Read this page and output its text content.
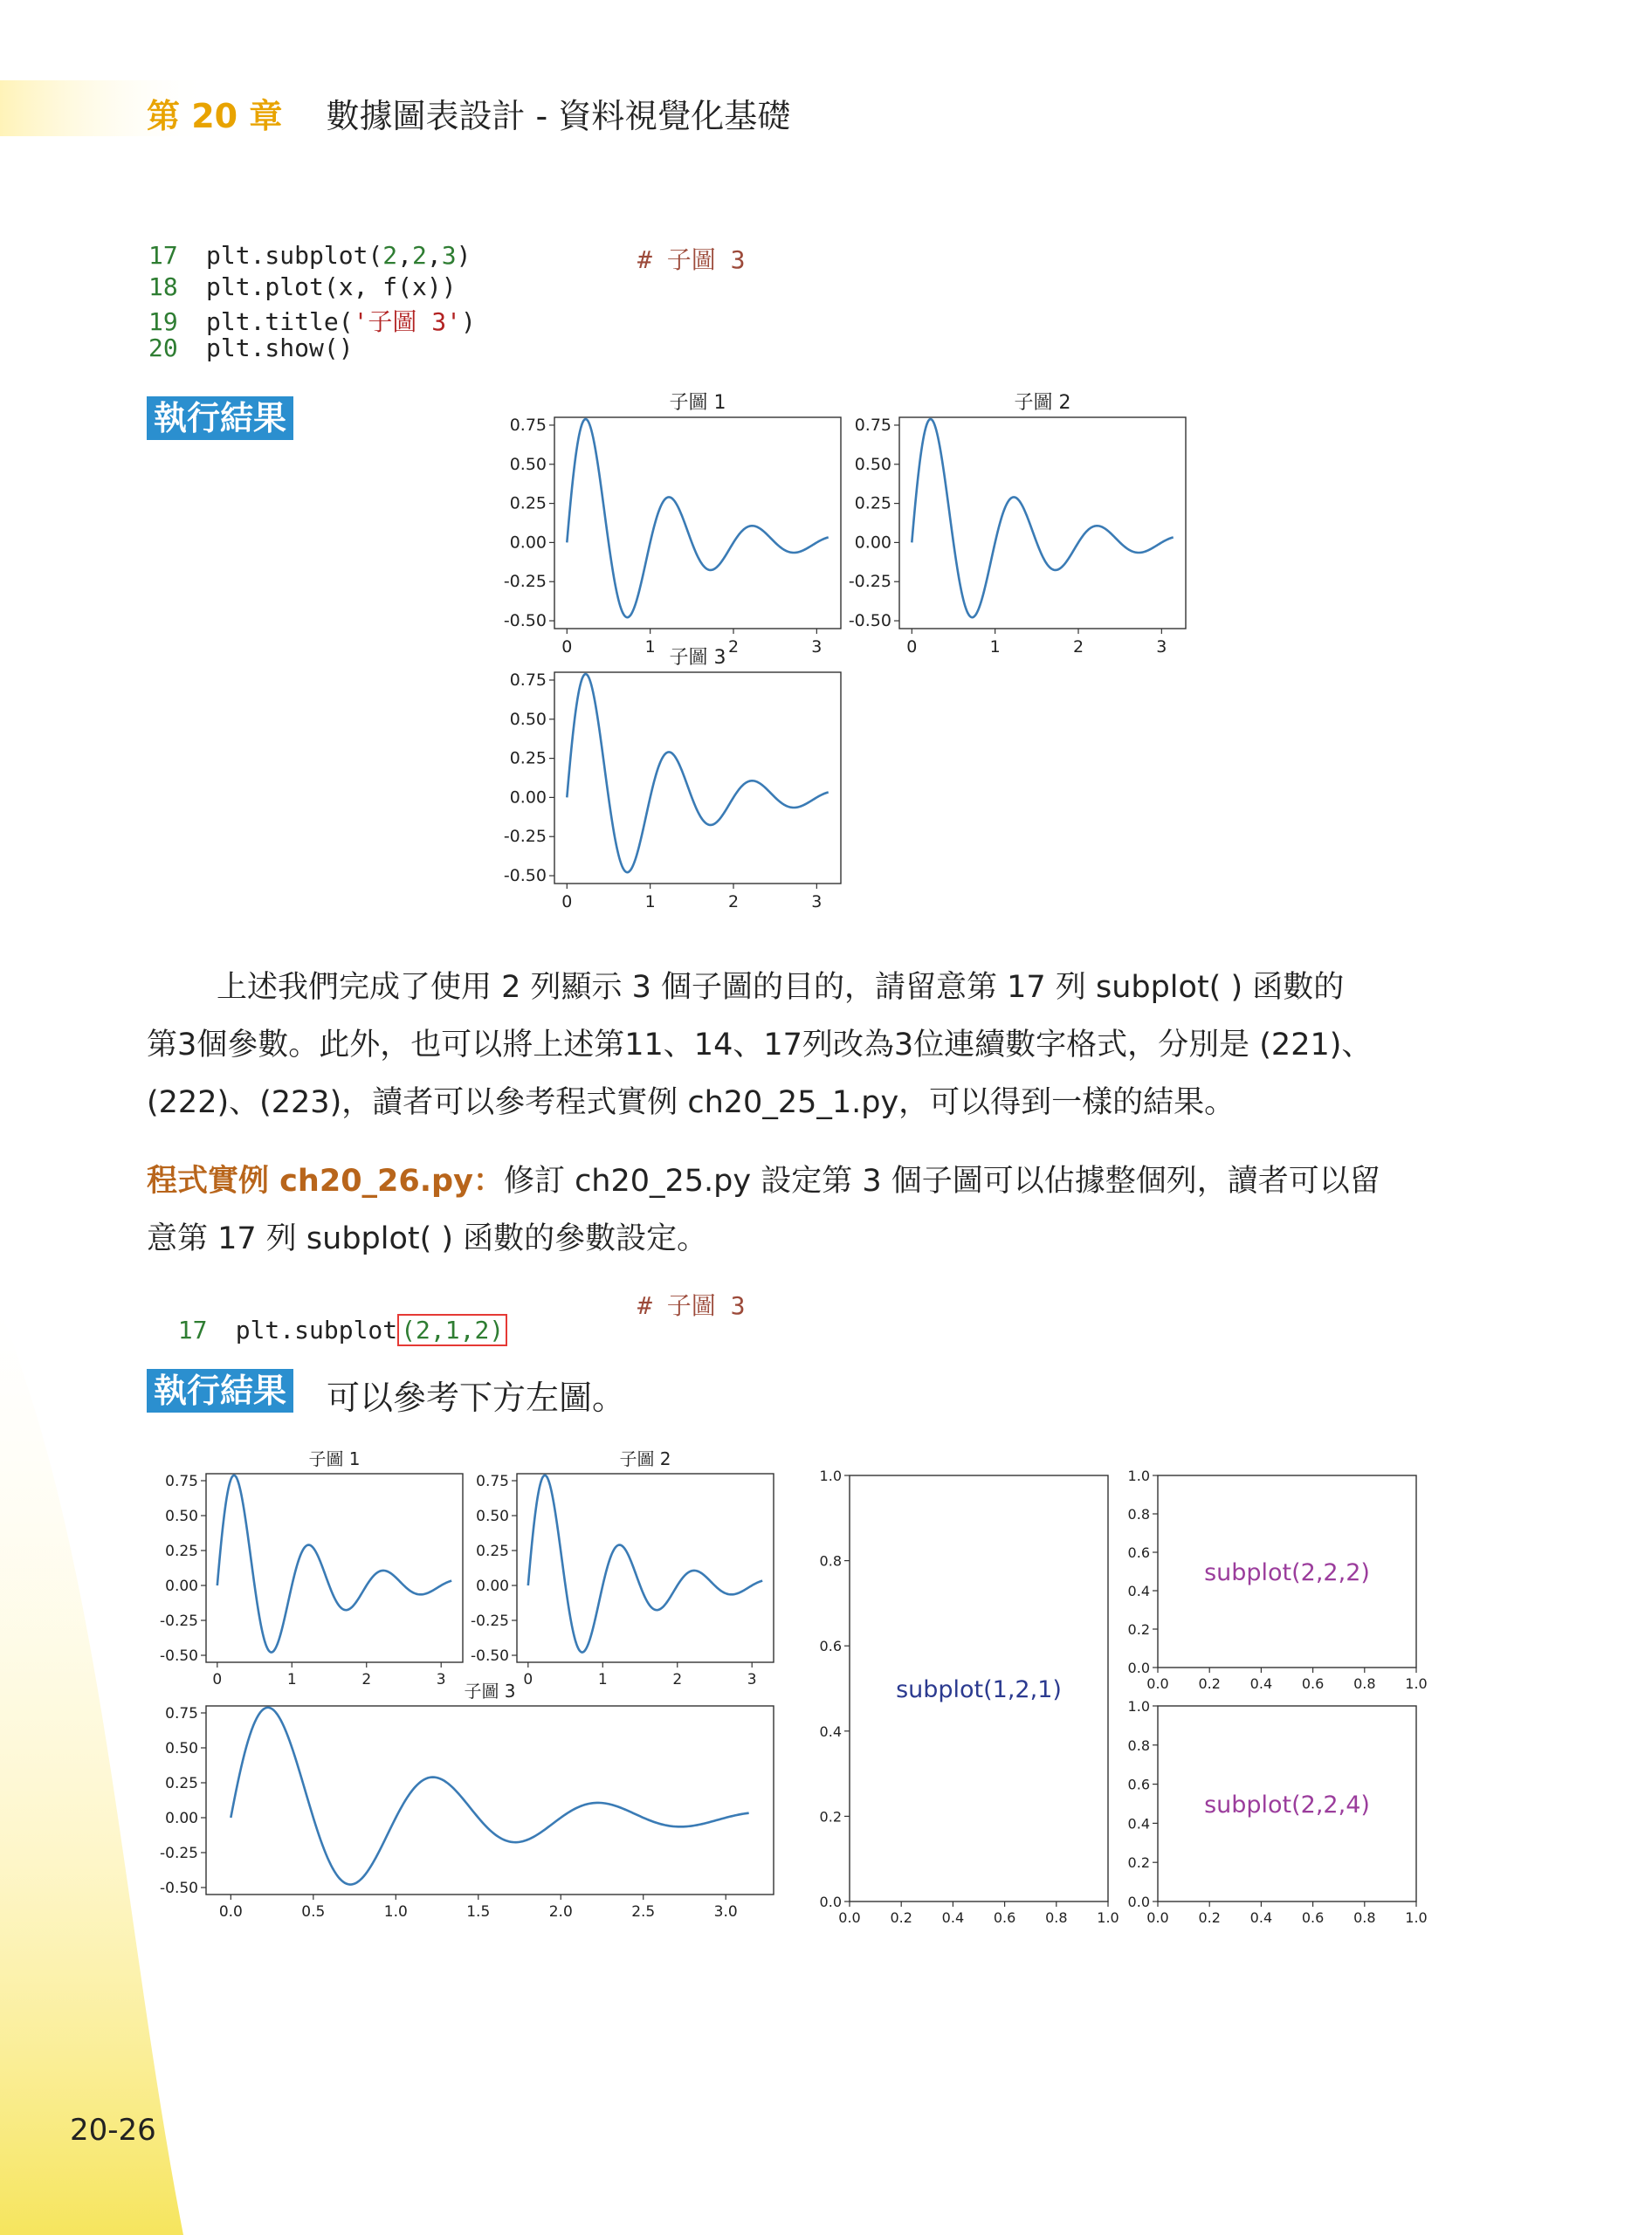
第 20 章 數據圖表設計 - 資料視覺化基礎
17 plt.subplot(2,2,3)	# 子圖 3
18 plt.plot(x, f(x))
19 plt.title('子圖 3')
20 plt.show()
執行結果	0.75
0.50
0.25
0.00
-0.25
-0.50
0	1	2	3
子圖 1
0.75
0.50
0.25
0.00
-0.25
-0.50
0	1	2	3
子圖 2
0.75
0.50
0.25
0.00
-0.25
-0.50
0	1	2	3
子圖 3
上述我們完成了使用 2 列顯示 3 個子圖的目的，請留意第 17 列 subplot( ) 函數的
第3個參數。此外，也可以將上述第11、14、17列改為3位連續數字格式，分別是 (221)、
(222)、(223)，讀者可以參考程式實例 ch20_25_1.py，可以得到一樣的結果。
程式實例 ch20_26.py：修訂 ch20_25.py 設定第 3 個子圖可以佔據整個列，讀者可以留
意第 17 列 subplot( ) 函數的參數設定。

17 plt.subplot (2,1,2)
# 子圖 3

執行結果 可以參考下方左圖。
0.75
0.50
0.25
0.00
-0.25
-0.50
0	1	2	3
子圖 1
0.75
0.50
0.25
0.00
-0.25
-0.50
0	1	2	3
子圖 2
0.75
0.50
0.25
0.00
-0.25
-0.50
0.0	0.5	1.0	1.5	2.0	2.5	3.0
子圖 3
1.0
0.8
0.6
0.4
0.2
0.0
0.0 0.2 0.4 0.6 0.8 1.0
subplot(1,2,1)
1.0
0.8
0.6
0.4
0.2
0.0
0.0 0.2 0.4 0.6 0.8 1.0
subplot(2,2,2)
1.0
0.8
0.6
0.4
0.2
0.0
0.0 0.2 0.4 0.6 0.8 1.0
subplot(2,2,4)
20-26
